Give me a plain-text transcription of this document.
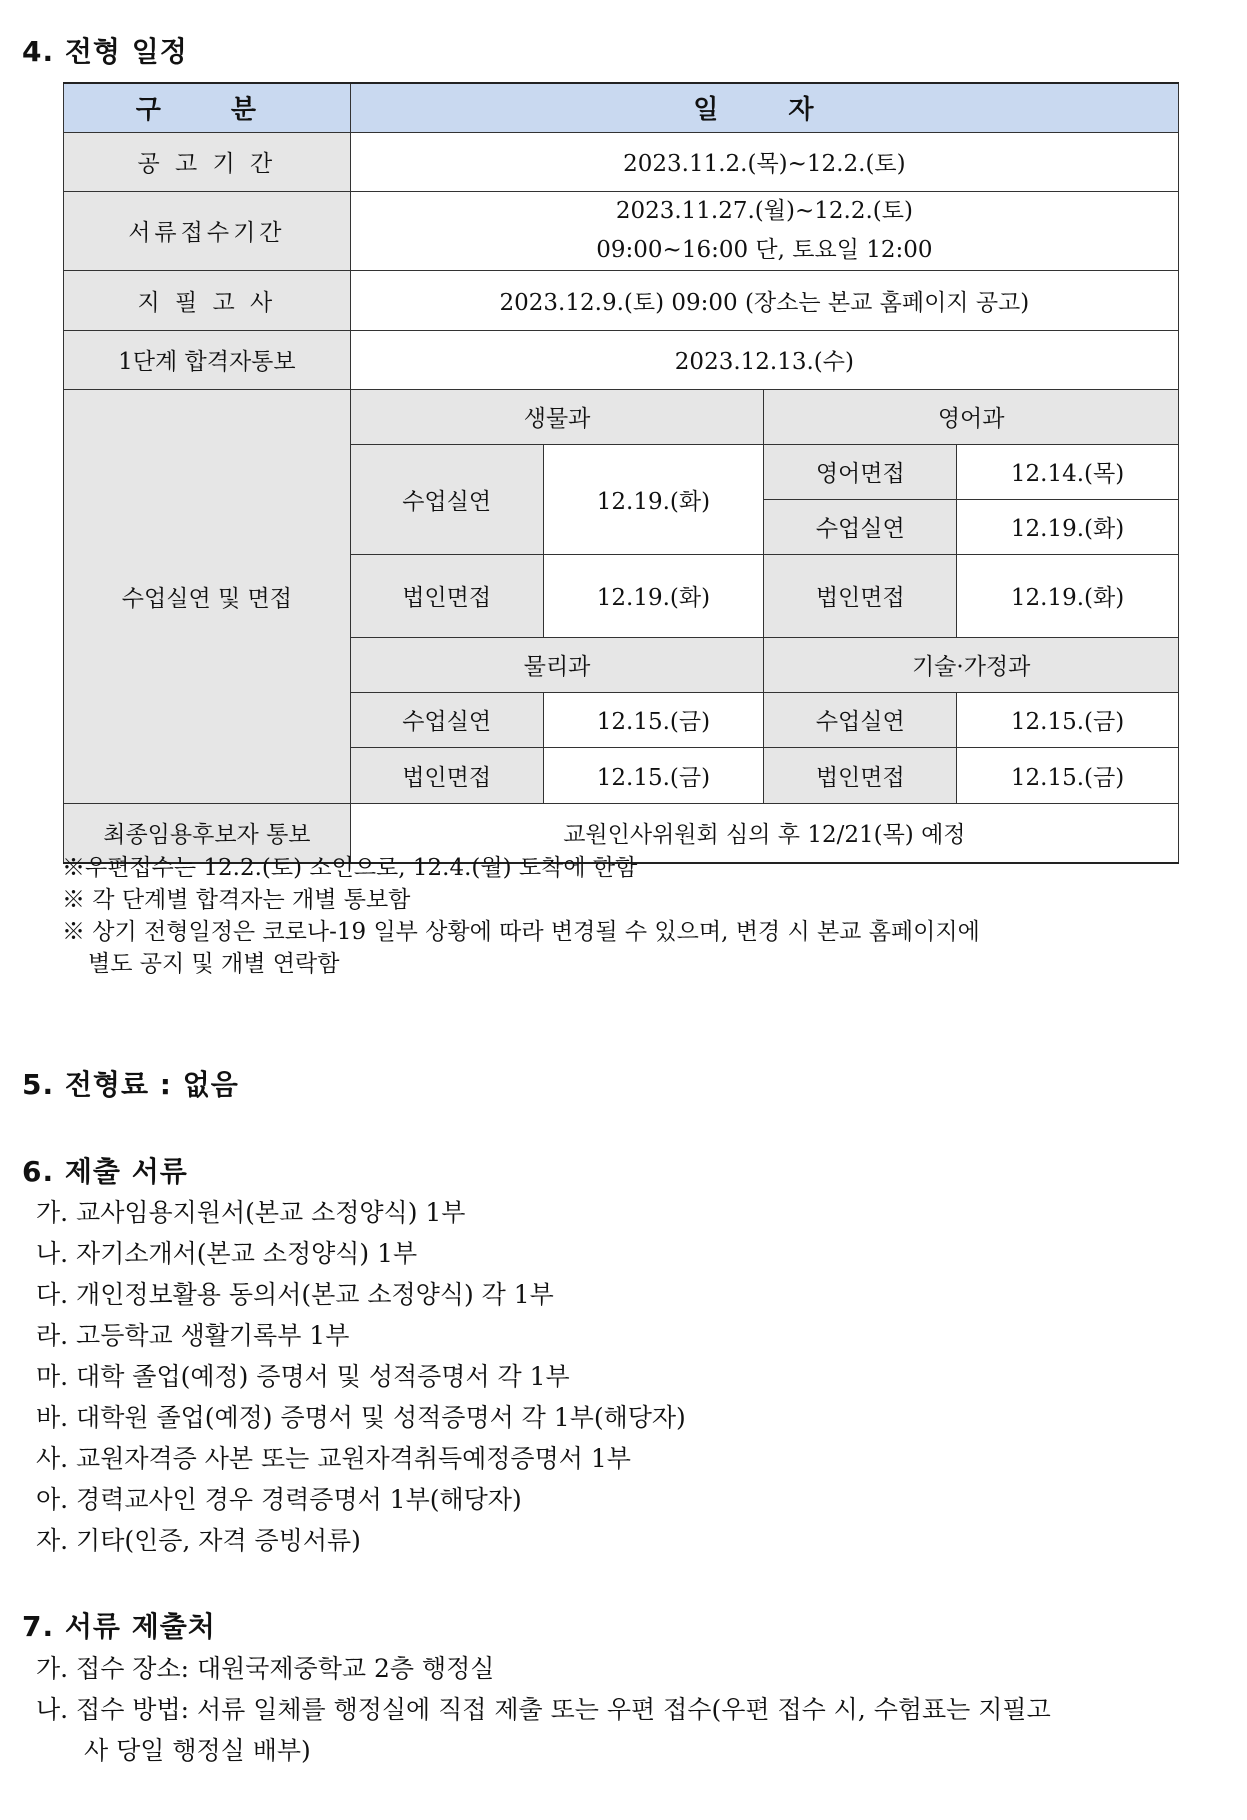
4. 전형 일정
구　분	일　자			
공 고 기 간	2023.11.2.(목)~12.2.(토)			
서류접수기간	2023.11.27.(월)~12.2.(토)
09:00~16:00 단, 토요일 12:00			

지 필 고 사	2023.12.9.(토) 09:00 (장소는 본교 홈페이지 공고)			
1단계 합격자통보	2023.12.13.(수)			
수업실연 및 면접	생물과		영어과	
	수업실연	12.19.(화)	영어면접	12.14.(목)
			수업실연	12.19.(화)
	법인면접	12.19.(화)	법인면접	12.19.(화)

	물리과		기술·가정과	
	수업실연	12.15.(금)	수업실연	12.15.(금)
	법인면접	12.15.(금)	법인면접	12.15.(금)
최종임용후보자 통보	교원인사위원회 심의 후 12/21(목) 예정			
※우편접수는 12.2.(토) 소인으로, 12.4.(월) 도착에 한함
※ 각 단계별 합격자는 개별 통보함
※ 상기 전형일정은 코로나-19 일부 상황에 따라 변경될 수 있으며, 변경 시 본교 홈페이지에
별도 공지 및 개별 연락함
5. 전형료 : 없음
6. 제출 서류
가. 교사임용지원서(본교 소정양식) 1부
나. 자기소개서(본교 소정양식) 1부
다. 개인정보활용 동의서(본교 소정양식) 각 1부
라. 고등학교 생활기록부 1부
마. 대학 졸업(예정) 증명서 및 성적증명서 각 1부
바. 대학원 졸업(예정) 증명서 및 성적증명서 각 1부(해당자)
사. 교원자격증 사본 또는 교원자격취득예정증명서 1부
아. 경력교사인 경우 경력증명서 1부(해당자)
자. 기타(인증, 자격 증빙서류)
7. 서류 제출처
가. 접수 장소: 대원국제중학교 2층 행정실
나. 접수 방법: 서류 일체를 행정실에 직접 제출 또는 우편 접수(우편 접수 시, 수험표는 지필고
사 당일 행정실 배부)
